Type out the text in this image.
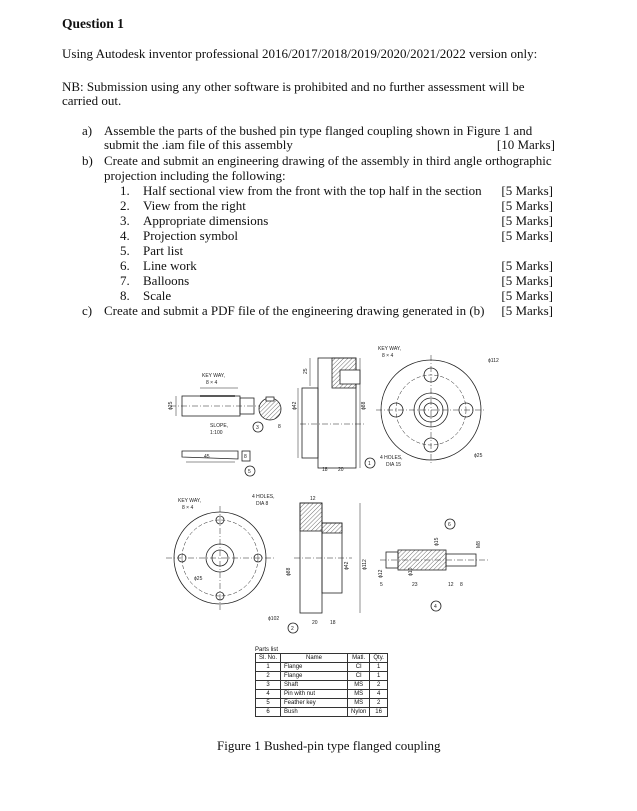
Question 1
Using Autodesk inventor professional 2016/2017/2018/2019/2020/2021/2022 version only:
NB: Submission using any other software is prohibited and no further assessment will be
carried out.
a) Assemble the parts of the bushed pin type flanged coupling shown in Figure 1 and
submit the .iam file of this assembly	[10 Marks]
b) Create and submit an engineering drawing of the assembly in third angle orthographic
projection including the following:
1. Half sectional view from the front with the top half in the section [5 Marks]
2. View from the right	[5 Marks]
3. Appropriate dimensions	[5 Marks]
4. Projection symbol	[5 Marks]
5. Part list
6. Line work	[5 Marks]
7. Balloons	[5 Marks]
8. Scale	[5 Marks]
c) Create and submit a PDF file of the engineering drawing generated in (b) [5 Marks]
ϕ25
KEY WAY,
8 × 4
3	8
SLOPE,
1:100
45	8
5
25
ϕ42	ϕ88
18 20
1
KEY WAY,
8 × 4
ϕ112
ϕ25
4 HOLES,
DIA 15
KEY WAY,
8 × 4
4 HOLES,
DIA 8
ϕ25
ϕ102
2
12
ϕ88
ϕ42 ϕ112
20 18
ϕ12	ϕ10
ϕ15	M8
5	23	12 8
4
6
Parts list
Sl. No.	Name	Matl.	Qty.
1	Flange	CI	1
2	Flange	CI	1
3	Shaft	MS	2
4	Pin with nut	MS	4
5	Feather key	MS	2
6	Bush	Nylon	16
Figure 1 Bushed-pin type flanged coupling
